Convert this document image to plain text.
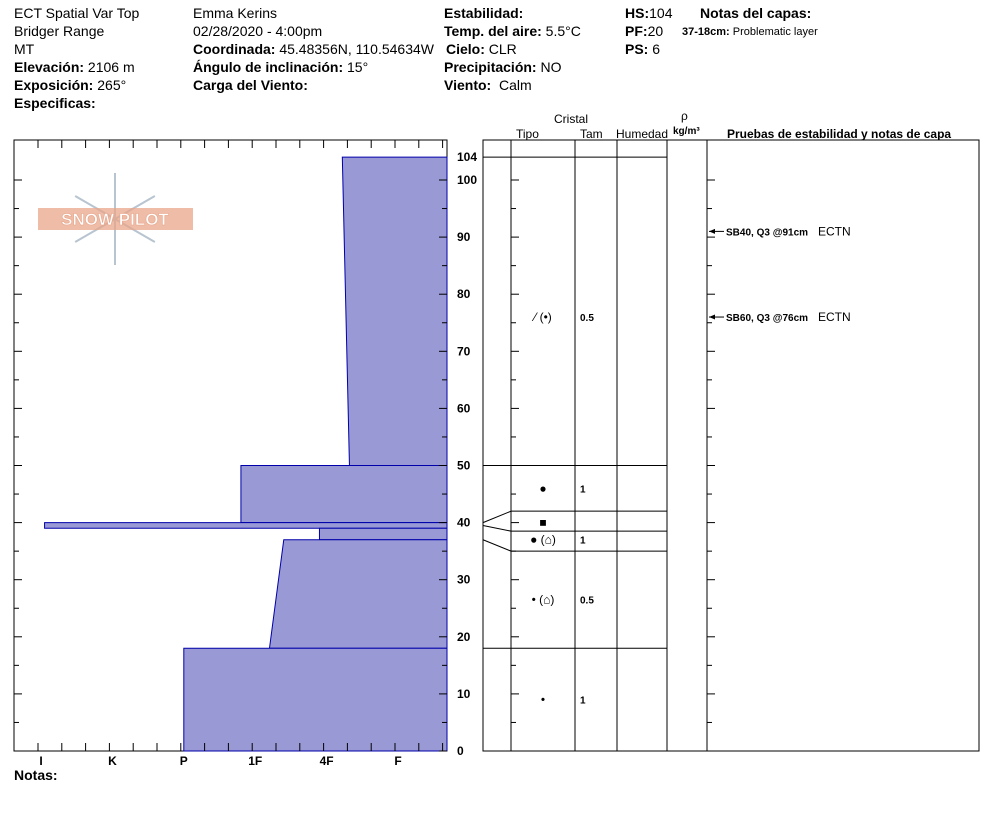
ECT Spatial Var Top
Bridger Range
MT
Elevación: 2106 m
Exposición: 265°
Especificas:
Emma Kerins
02/28/2020 - 4:00pm
Coordinada: 45.48356N, 110.54634W
Ángulo de inclinación: 15°
Carga del Viento:
Estabilidad:
Temp. del aire: 5.5°C
Cielo: CLR
Precipitación: NO
Viento: Calm
HS:104
PF:20
PS: 6
Notas del capas:
37-18cm: Problematic layer
Cristal
Tipo	Tam Humedad
ρ
kg/m³ Pruebas de estabilidad y notas de capa
Notas:
SNOW PILOT
I	K	P	1F	4F	F
0
10
20
30
40
50
60
70
80
90
100
104
⁄ (•)	0.5
●	1
■
● (⌂) 1
• (⌂)	0.5
•	1
SB40, Q3 @91cm ECTN
SB60, Q3 @76cm ECTN
